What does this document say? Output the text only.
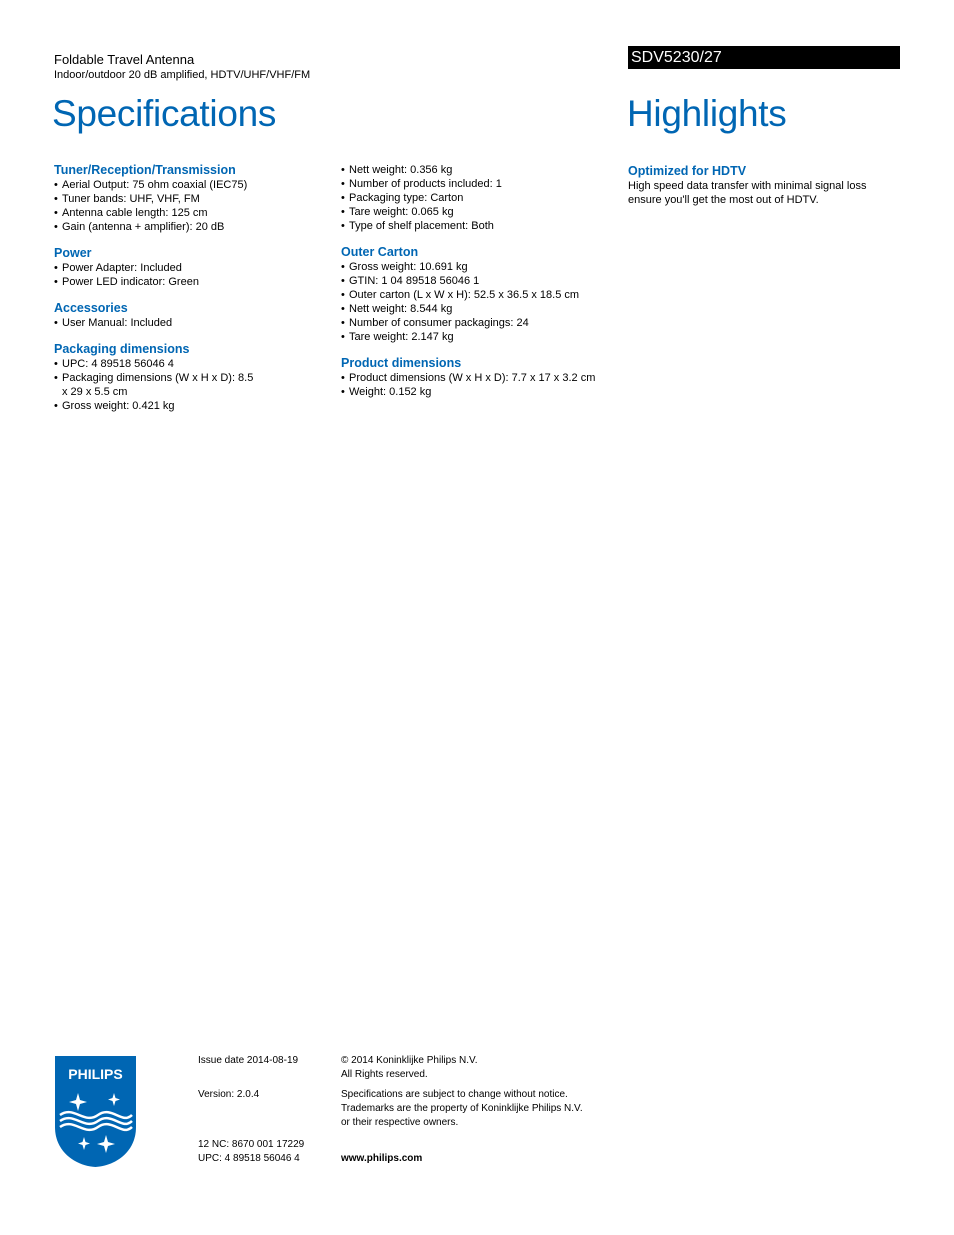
Foldable Travel Antenna
Indoor/outdoor 20 dB amplified, HDTV/UHF/VHF/FM
SDV5230/27
Specifications	Highlights
Tuner/Reception/Transmission
• Aerial Output: 75 ohm coaxial (IEC75)
• Tuner bands: UHF, VHF, FM
• Antenna cable length: 125 cm
• Gain (antenna + amplifier): 20 dB
Power
• Power Adapter: Included
• Power LED indicator: Green
Accessories
• User Manual: Included
Packaging dimensions
• UPC: 4 89518 56046 4
• Packaging dimensions (W x H x D): 8.5 x 29 x 5.5 cm
• Gross weight: 0.421 kg
• Nett weight: 0.356 kg
• Number of products included: 1
• Packaging type: Carton
• Tare weight: 0.065 kg
• Type of shelf placement: Both
Outer Carton
• Gross weight: 10.691 kg
• GTIN: 1 04 89518 56046 1
• Outer carton (L x W x H): 52.5 x 36.5 x 18.5 cm
• Nett weight: 8.544 kg
• Number of consumer packagings: 24
• Tare weight: 2.147 kg
Product dimensions
• Product dimensions (W x H x D): 7.7 x 17 x 3.2 cm
• Weight: 0.152 kg
Optimized for HDTV
High speed data transfer with minimal signal loss ensure you'll get the most out of HDTV.
PHILIPS
Issue date 2014-08-19
Version: 2.0.4
12 NC: 8670 001 17229
UPC: 4 89518 56046 4
© 2014 Koninklijke Philips N.V.
All Rights reserved.
Specifications are subject to change without notice.
Trademarks are the property of Koninklijke Philips N.V.
or their respective owners.
www.philips.com
